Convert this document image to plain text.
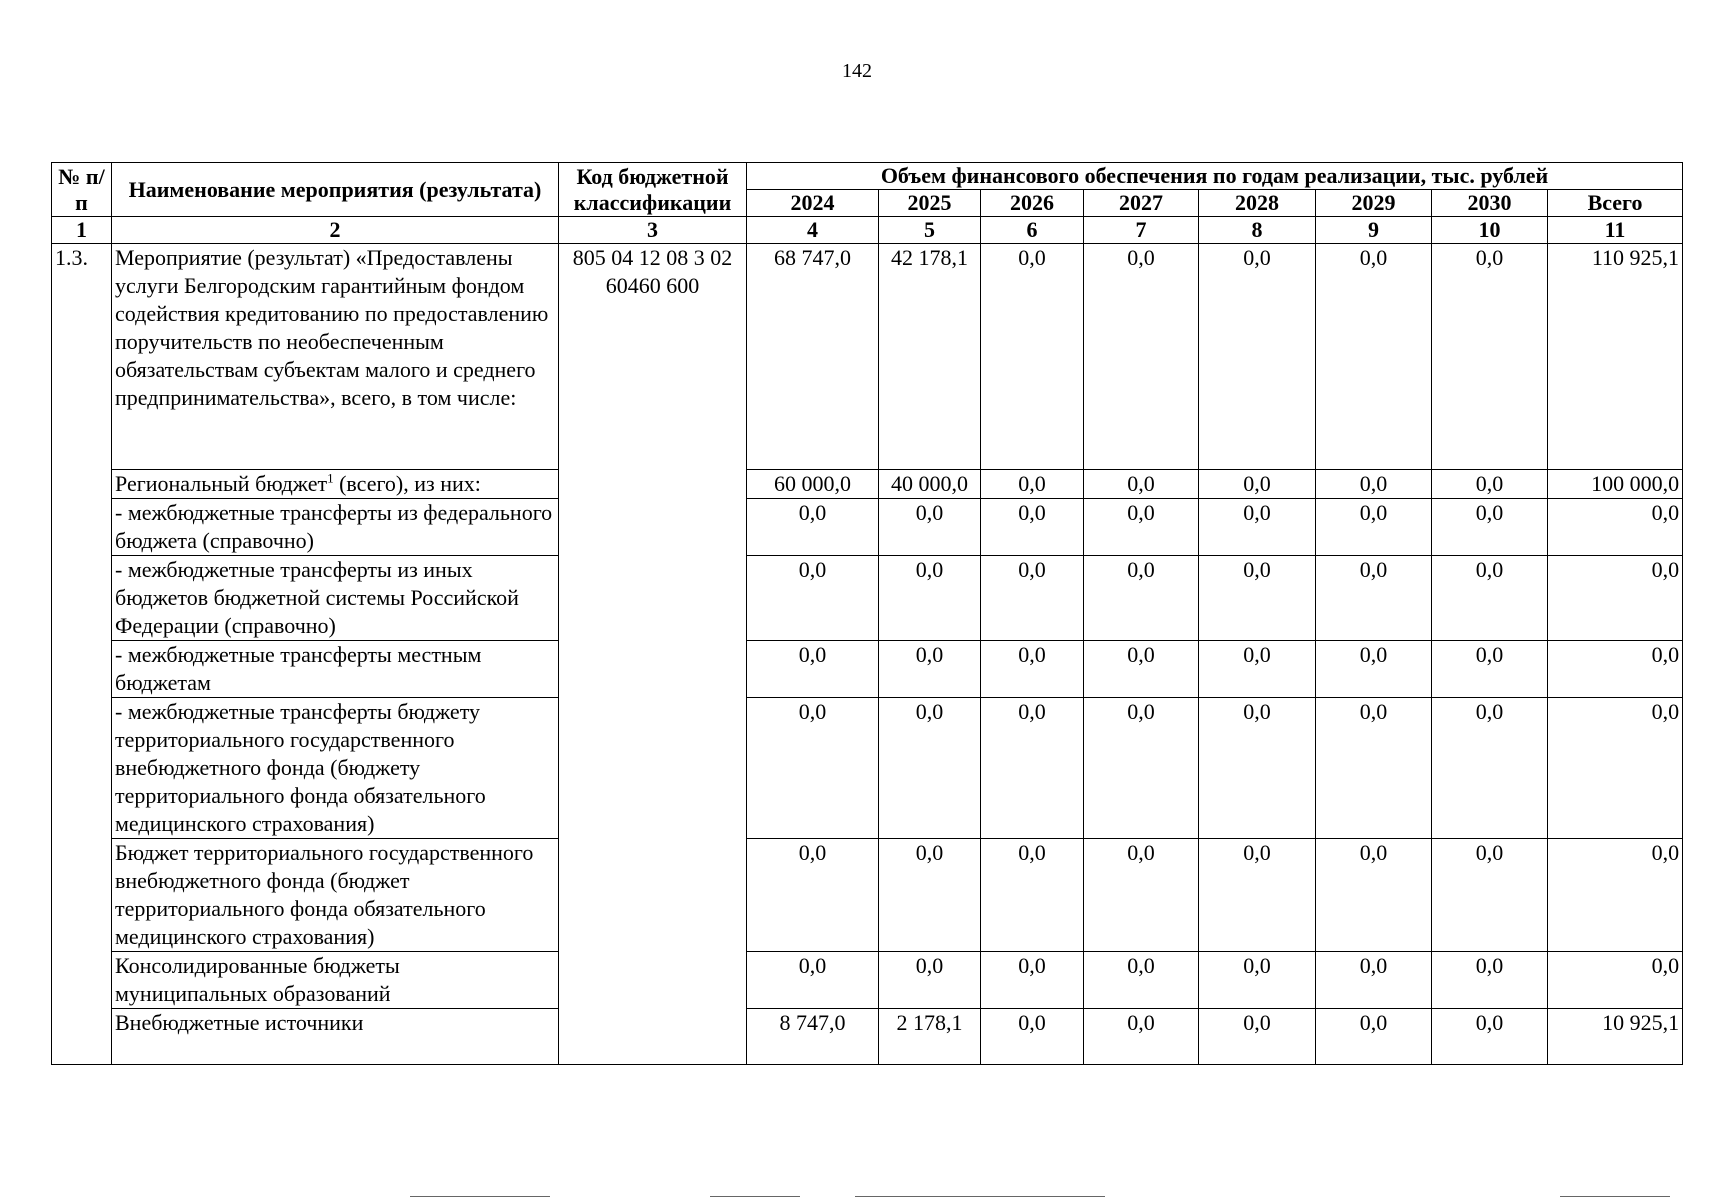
142
№ п/п	Наименование мероприятия (результата)	Код бюджетной классификации	Объем финансового обеспечения по годам реализации, тыс. рублей							
			2024	2025	2026	2027	2028	2029	2030	Всего
1	2	3	4	5	6	7	8	9	10	11
1.3.	Мероприятие (результат) «Предоставлены услуги Белгородским гарантийным фондом содействия кредитованию по предоставлению поручительств по необеспеченным обязательствам субъектам малого и среднего предпринимательства», всего, в том числе:	805 04 12 08 3 02 60460 600	68 747,0	42 178,1	0,0	0,0	0,0	0,0	0,0	110 925,1
	Региональный бюджет$^1$ (всего), из них:		60 000,0	40 000,0	0,0	0,0	0,0	0,0	0,0	100 000,0
	- межбюджетные трансферты из федерального бюджета (справочно)		0,0	0,0	0,0	0,0	0,0	0,0	0,0	0,0
	- межбюджетные трансферты из иных бюджетов бюджетной системы Российской Федерации (справочно)		0,0	0,0	0,0	0,0	0,0	0,0	0,0	0,0
	- межбюджетные трансферты местным бюджетам		0,0	0,0	0,0	0,0	0,0	0,0	0,0	0,0
	- межбюджетные трансферты бюджету территориального государственного внебюджетного фонда (бюджету территориального фонда обязательного медицинского страхования)		0,0	0,0	0,0	0,0	0,0	0,0	0,0	0,0
	Бюджет территориального государственного внебюджетного фонда (бюджет территориального фонда обязательного медицинского страхования)		0,0	0,0	0,0	0,0	0,0	0,0	0,0	0,0
	Консолидированные бюджеты муниципальных образований		0,0	0,0	0,0	0,0	0,0	0,0	0,0	0,0
	Внебюджетные источники		8 747,0	2 178,1	0,0	0,0	0,0	0,0	0,0	10 925,1
